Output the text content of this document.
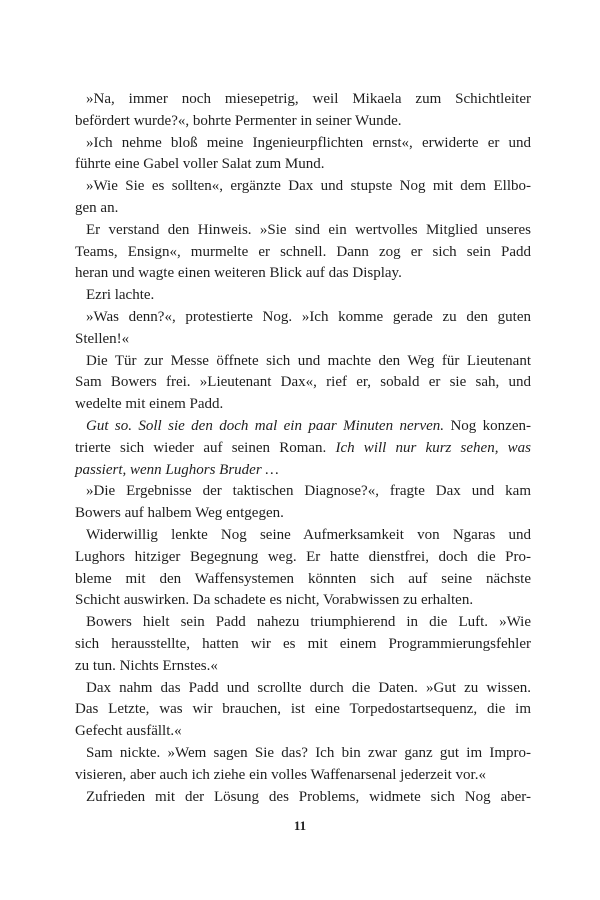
»Na, immer noch miesepetrig, weil Mikaela zum Schichtleiter
befördert wurde?«, bohrte Permenter in seiner Wunde.
»Ich nehme bloß meine Ingenieurpflichten ernst«, erwiderte er und
führte eine Gabel voller Salat zum Mund.
»Wie Sie es sollten«, ergänzte Dax und stupste Nog mit dem Ellbo-
gen an.
Er verstand den Hinweis. »Sie sind ein wertvolles Mitglied unseres
Teams, Ensign«, murmelte er schnell. Dann zog er sich sein Padd
heran und wagte einen weiteren Blick auf das Display.
Ezri lachte.
»Was denn?«, protestierte Nog. »Ich komme gerade zu den guten
Stellen!«
Die Tür zur Messe öffnete sich und machte den Weg für Lieutenant
Sam Bowers frei. »Lieutenant Dax«, rief er, sobald er sie sah, und
wedelte mit einem Padd.
Gut so. Soll sie den doch mal ein paar Minuten nerven. Nog konzen-
trierte sich wieder auf seinen Roman. Ich will nur kurz sehen, was
passiert, wenn Lughors Bruder …
»Die Ergebnisse der taktischen Diagnose?«, fragte Dax und kam
Bowers auf halbem Weg entgegen.
Widerwillig lenkte Nog seine Aufmerksamkeit von Ngaras und
Lughors hitziger Begegnung weg. Er hatte dienstfrei, doch die Pro-
bleme mit den Waffensystemen könnten sich auf seine nächste
Schicht auswirken. Da schadete es nicht, Vorabwissen zu erhalten.
Bowers hielt sein Padd nahezu triumphierend in die Luft. »Wie
sich herausstellte, hatten wir es mit einem Programmierungsfehler
zu tun. Nichts Ernstes.«
Dax nahm das Padd und scrollte durch die Daten. »Gut zu wissen.
Das Letzte, was wir brauchen, ist eine Torpedostartsequenz, die im
Gefecht ausfällt.«
Sam nickte. »Wem sagen Sie das? Ich bin zwar ganz gut im Impro-
visieren, aber auch ich ziehe ein volles Waffenarsenal jederzeit vor.«
Zufrieden mit der Lösung des Problems, widmete sich Nog aber-
11
